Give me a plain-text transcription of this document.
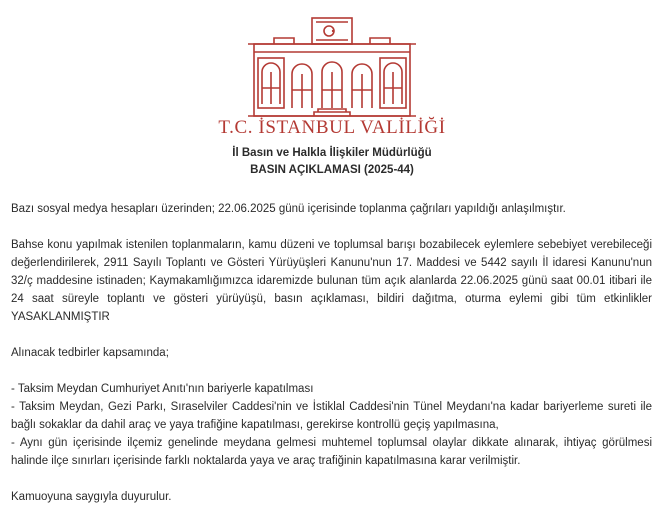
T.C. İSTANBUL VALİLİĞİ
İl Basın ve Halkla İlişkiler Müdürlüğü
BASIN AÇIKLAMASI (2025-44)

Bazı sosyal medya hesapları üzerinden; 22.06.2025 günü içerisinde toplanma çağrıları yapıldığı anlaşılmıştır.

Bahse konu yapılmak istenilen toplanmaların, kamu düzeni ve toplumsal barışı bozabilecek eylemlere sebebiyet verebileceği değerlendirilerek, 2911 Sayılı Toplantı ve Gösteri Yürüyüşleri Kanunu'nun 17. Maddesi ve 5442 sayılı İl idaresi Kanunu'nun 32/ç maddesine istinaden; Kaymakamlığımızca idaremizde bulunan tüm açık alanlarda 22.06.2025 günü saat 00.01 itibari ile 24 saat süreyle toplantı ve gösteri yürüyüşü, basın açıklaması, bildiri dağıtma, oturma eylemi gibi tüm etkinlikler YASAKLANMIŞTIR

Alınacak tedbirler kapsamında;

- Taksim Meydan Cumhuriyet Anıtı'nın bariyerle kapatılması
- Taksim Meydan, Gezi Parkı, Sıraselviler Caddesi'nin ve İstiklal Caddesi'nin Tünel Meydanı'na kadar bariyerleme sureti ile bağlı sokaklar da dahil araç ve yaya trafiğine kapatılması, gerekirse kontrollü geçiş yapılmasına,
- Aynı gün içerisinde ilçemiz genelinde meydana gelmesi muhtemel toplumsal olaylar dikkate alınarak, ihtiyaç görülmesi halinde ilçe sınırları içerisinde farklı noktalarda yaya ve araç trafiğinin kapatılmasına karar verilmiştir.

Kamuoyuna saygıyla duyurulur.
